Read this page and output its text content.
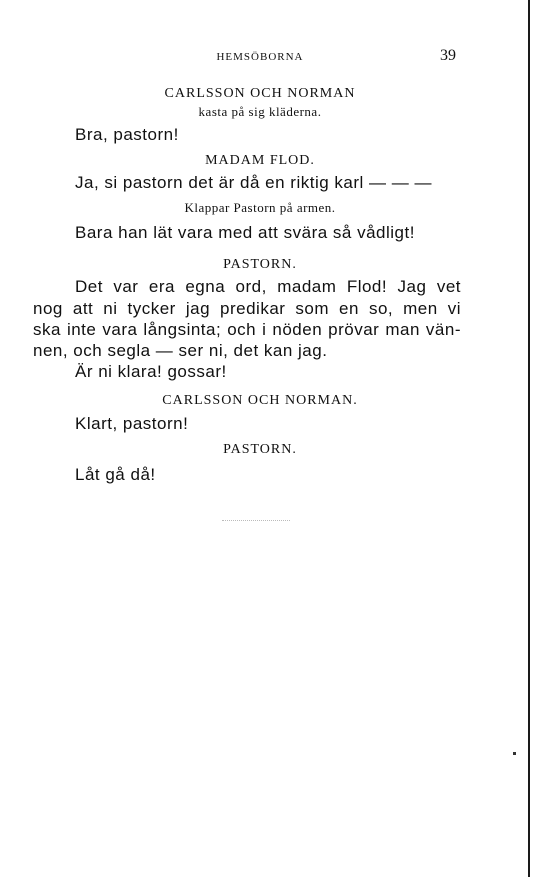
HEMSÖBORNA	39
CARLSSON OCH NORMAN
kasta på sig kläderna.
Bra, pastorn!
MADAM FLOD.
Ja, si pastorn det är då en riktig karl — — —
Klappar Pastorn på armen.
Bara han lät vara med att svära så vådligt!
PASTORN.
Det var era egna ord, madam Flod! Jag vet
nog att ni tycker jag predikar som en so, men vi
ska inte vara långsinta; och i nöden prövar man vän-
nen, och segla — ser ni, det kan jag.
Är ni klara! gossar!
CARLSSON OCH NORMAN.
Klart, pastorn!
PASTORN.
Låt gå då!
